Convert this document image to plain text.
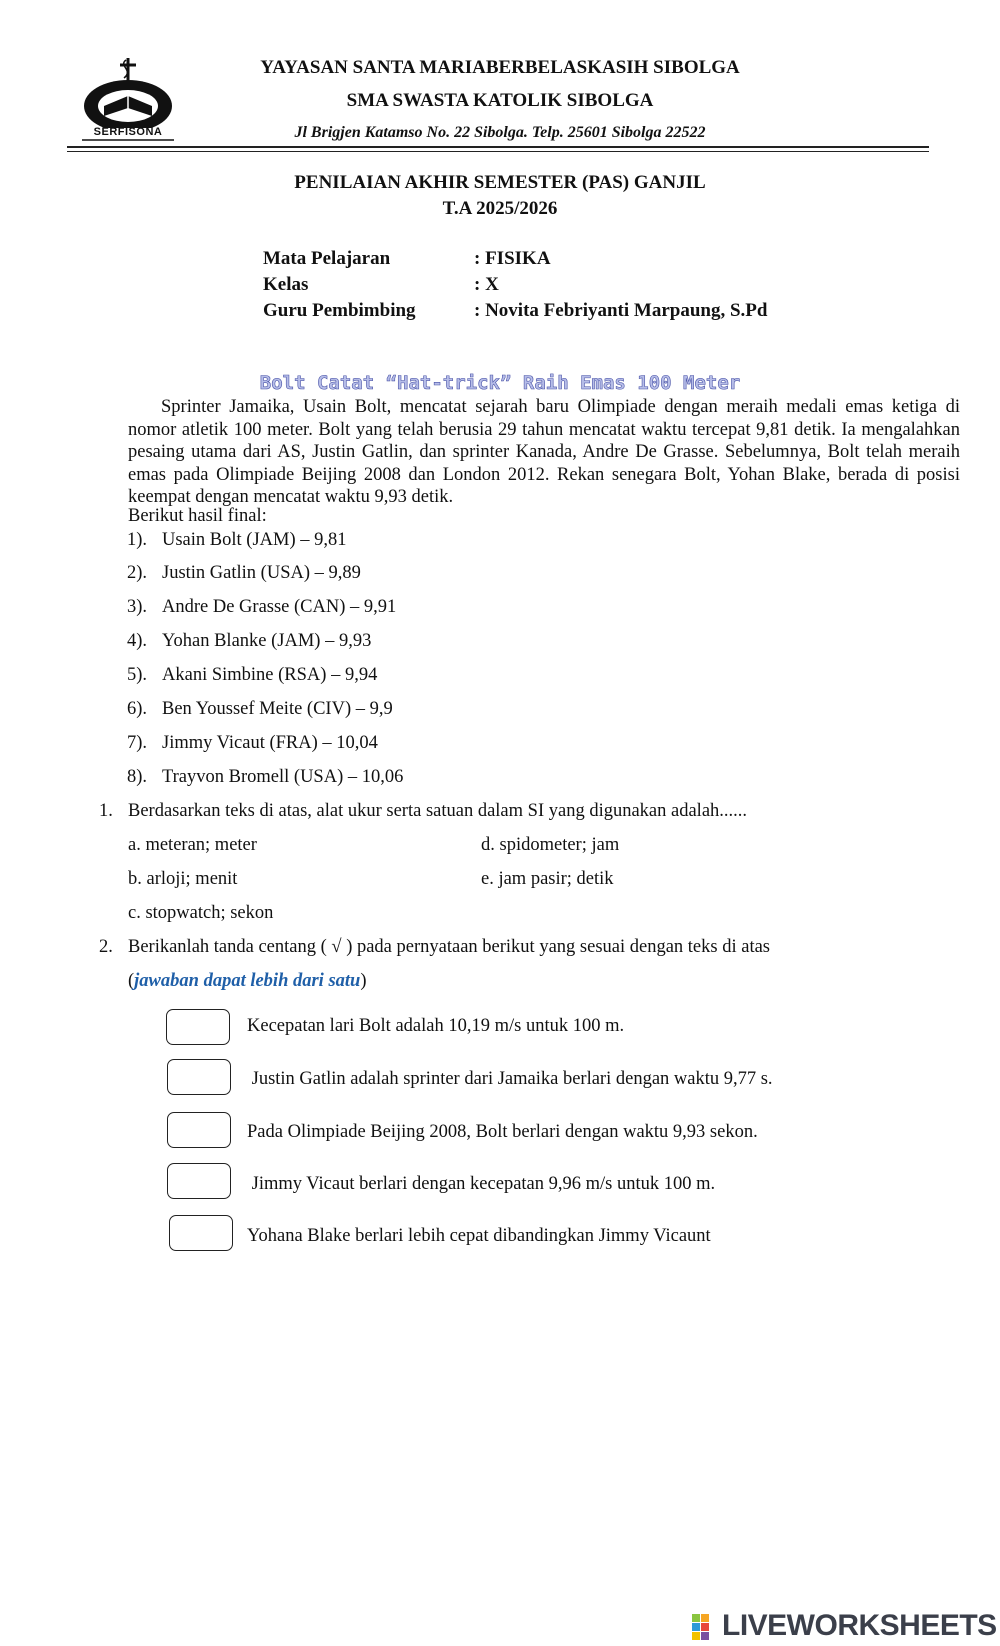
SERFISONA
YAYASAN SANTA MARIABERBELASKASIH SIBOLGA
SMA SWASTA KATOLIK SIBOLGA
Jl Brigjen Katamso No. 22 Sibolga. Telp. 25601 Sibolga 22522
PENILAIAN AKHIR SEMESTER (PAS) GANJIL
T.A 2025/2026
Mata Pelajaran	: FISIKA
Kelas	: X
Guru Pembimbing	: Novita Febriyanti Marpaung, S.Pd
Bolt Catat “Hat-trick” Raih Emas 100 Meter
Sprinter Jamaika, Usain Bolt, mencatat sejarah baru Olimpiade dengan meraih medali emas ketiga di nomor atletik 100 meter. Bolt yang telah berusia 29 tahun mencatat waktu tercepat 9,81 detik. Ia mengalahkan pesaing utama dari AS, Justin Gatlin, dan sprinter Kanada, Andre De Grasse. Sebelumnya, Bolt telah meraih emas pada Olimpiade Beijing 2008 dan London 2012. Rekan senegara Bolt, Yohan Blake, berada di posisi keempat dengan mencatat waktu 9,93 detik.
Berikut hasil final:
1). Usain Bolt (JAM) – 9,81
2). Justin Gatlin (USA) – 9,89
3). Andre De Grasse (CAN) – 9,91
4). Yohan Blanke (JAM) – 9,93
5). Akani Simbine (RSA) – 9,94
6). Ben Youssef Meite (CIV) – 9,9
7). Jimmy Vicaut (FRA) – 10,04
8). Trayvon Bromell (USA) – 10,06
1. Berdasarkan teks di atas, alat ukur serta satuan dalam SI yang digunakan adalah......
a. meteran; meter	d. spidometer; jam
b. arloji; menit	e. jam pasir; detik
c. stopwatch; sekon
2. Berikanlah tanda centang ( √ ) pada pernyataan berikut yang sesuai dengan teks di atas
(jawaban dapat lebih dari satu)
Kecepatan lari Bolt adalah 10,19 m/s untuk 100 m.
Justin Gatlin adalah sprinter dari Jamaika berlari dengan waktu 9,77 s.
Pada Olimpiade Beijing 2008, Bolt berlari dengan waktu 9,93 sekon.
Jimmy Vicaut berlari dengan kecepatan 9,96 m/s untuk 100 m.
Yohana Blake berlari lebih cepat dibandingkan Jimmy Vicaunt
LIVEWORKSHEETS
